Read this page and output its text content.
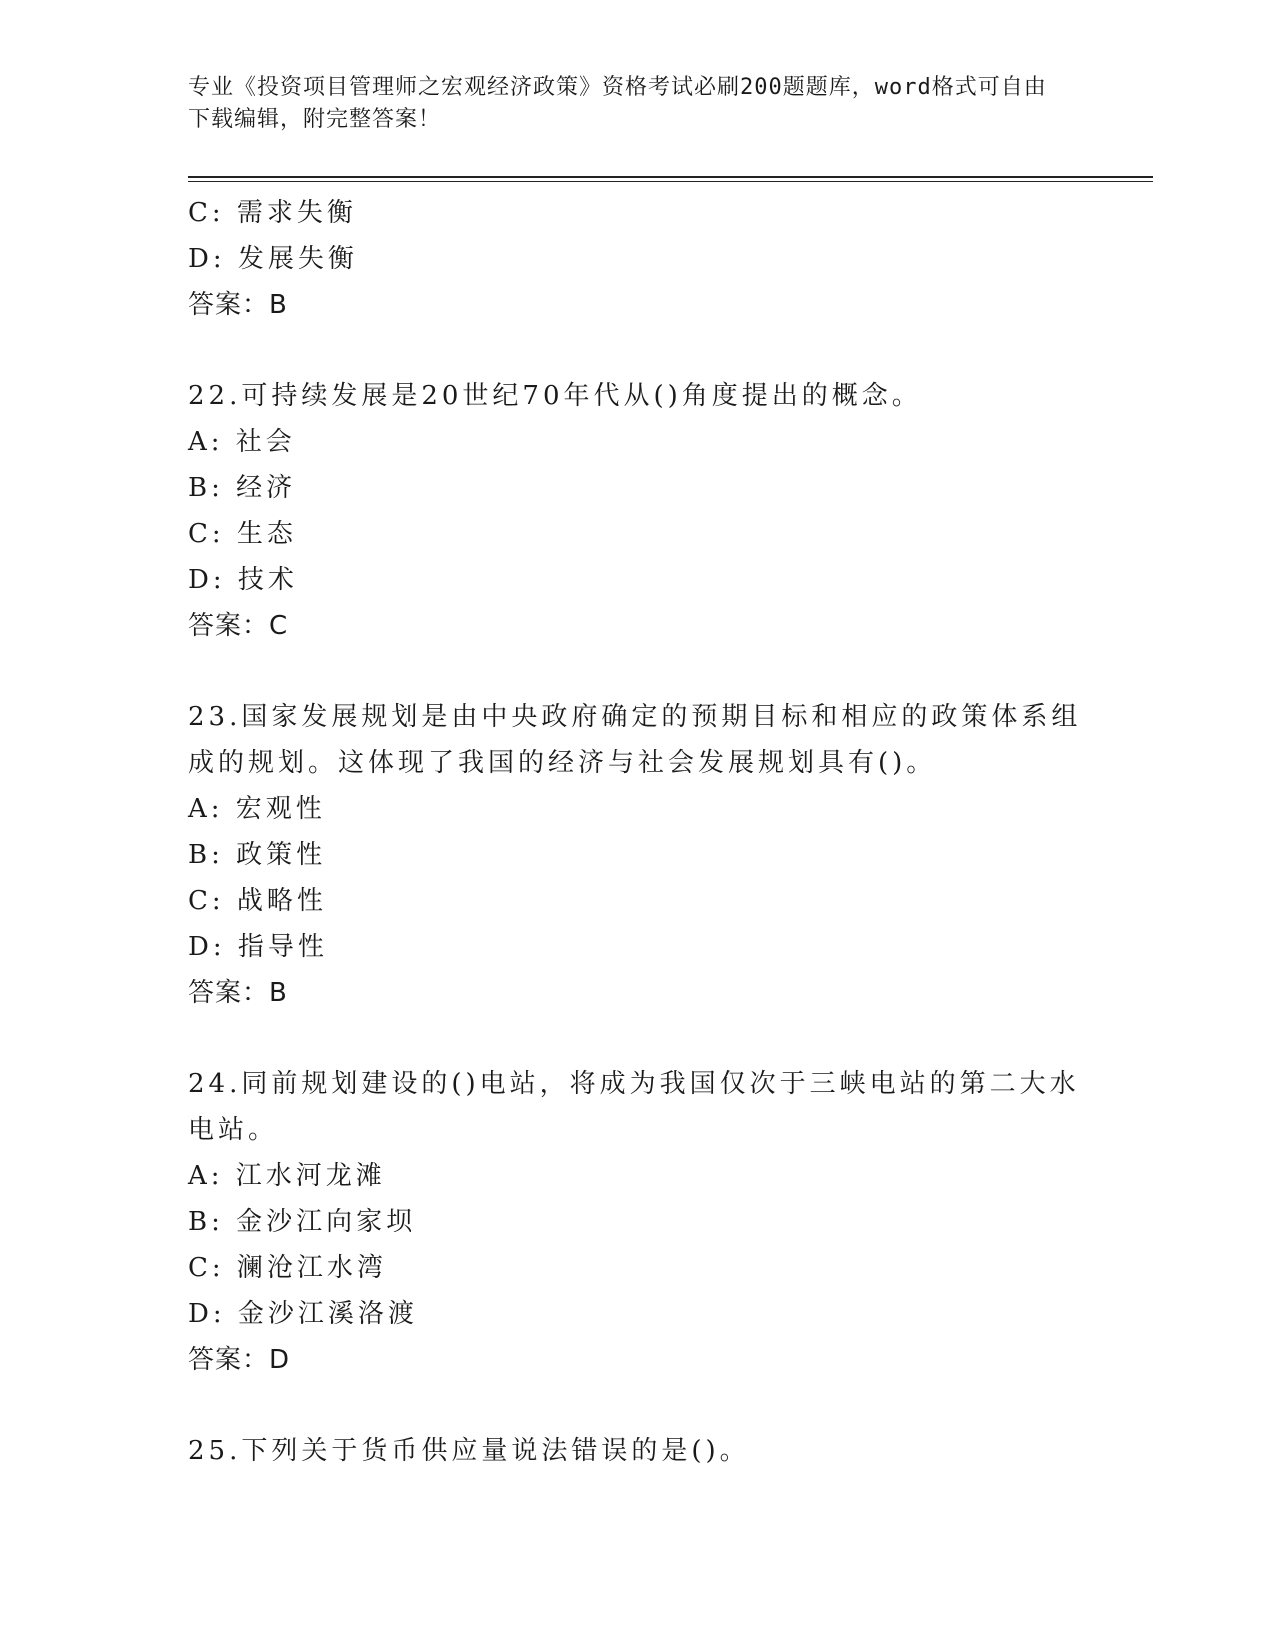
专业《投资项目管理师之宏观经济政策》资格考试必刷200题题库，word格式可自由下载编辑，附完整答案！
C: 需求失衡
D: 发展失衡
答案：B
22.可持续发展是20世纪70年代从()角度提出的概念。
A: 社会
B: 经济
C: 生态
D: 技术
答案：C
23.国家发展规划是由中央政府确定的预期目标和相应的政策体系组成的规划。这体现了我国的经济与社会发展规划具有()。
A: 宏观性
B: 政策性
C: 战略性
D: 指导性
答案：B
24.同前规划建设的()电站，将成为我国仅次于三峡电站的第二大水电站。
A: 江水河龙滩
B: 金沙江向家坝
C: 澜沧江水湾
D: 金沙江溪洛渡
答案：D
25.下列关于货币供应量说法错误的是()。
